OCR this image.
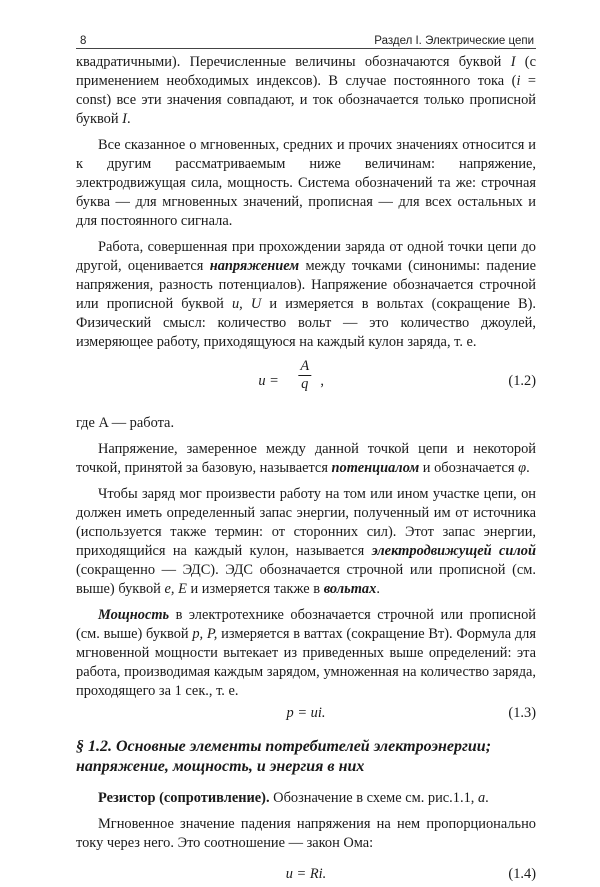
8	Раздел I. Электрические цепи

квадратичными). Перечисленные величины обозначаются буквой I (с применением необходимых индексов). В случае постоянного тока (i = const) все эти значения совпадают, и ток обозначается только прописной буквой I.

Все сказанное о мгновенных, средних и прочих значениях относится и к другим рассматриваемым ниже величинам: напряжение, электродвижущая сила, мощность. Система обозначений та же: строчная буква — для мгновенных значений, прописная — для всех остальных и для постоянного сигнала.

Работа, совершенная при прохождении заряда от одной точки цепи до другой, оценивается напряжением между точками (синонимы: падение напряжения, разность потенциалов). Напряжение обозначается строчной или прописной буквой u, U и измеряется в вольтах (сокращение В). Физический смысл: количество вольт — это количество джоулей, измеряющее работу, приходящуюся на каждый кулон заряда, т. е.

$u = \frac{A}{q}$ ,	(1.2)

где A — работа.

Напряжение, замеренное между данной точкой цепи и некоторой точкой, принятой за базовую, называется потенциалом и обозначается φ.

Чтобы заряд мог произвести работу на том или ином участке цепи, он должен иметь определенный запас энергии, полученный им от источника (используется также термин: от сторонних сил). Этот запас энергии, приходящийся на каждый кулон, называется электродвижущей силой (сокращенно — ЭДС). ЭДС обозначается строчной или прописной (см. выше) буквой e, E и измеряется также в вольтах.

Мощность в электротехнике обозначается строчной или прописной (см. выше) буквой p, P, измеряется в ваттах (сокращение Вт). Формула для мгновенной мощности вытекает из приведенных выше определений: эта работа, производимая каждым зарядом, умноженная на количество заряда, проходящего за 1 сек., т. е.

p = ui.	(1.3)
§ 1.2. Основные элементы потребителей электроэнергии; напряжение, мощность, и энергия в них

Резистор (сопротивление). Обозначение в схеме см. рис.1.1, а.

Мгновенное значение падения напряжения на нем пропорционально току через него. Это соотношение — закон Ома:

u = Ri.	(1.4)
